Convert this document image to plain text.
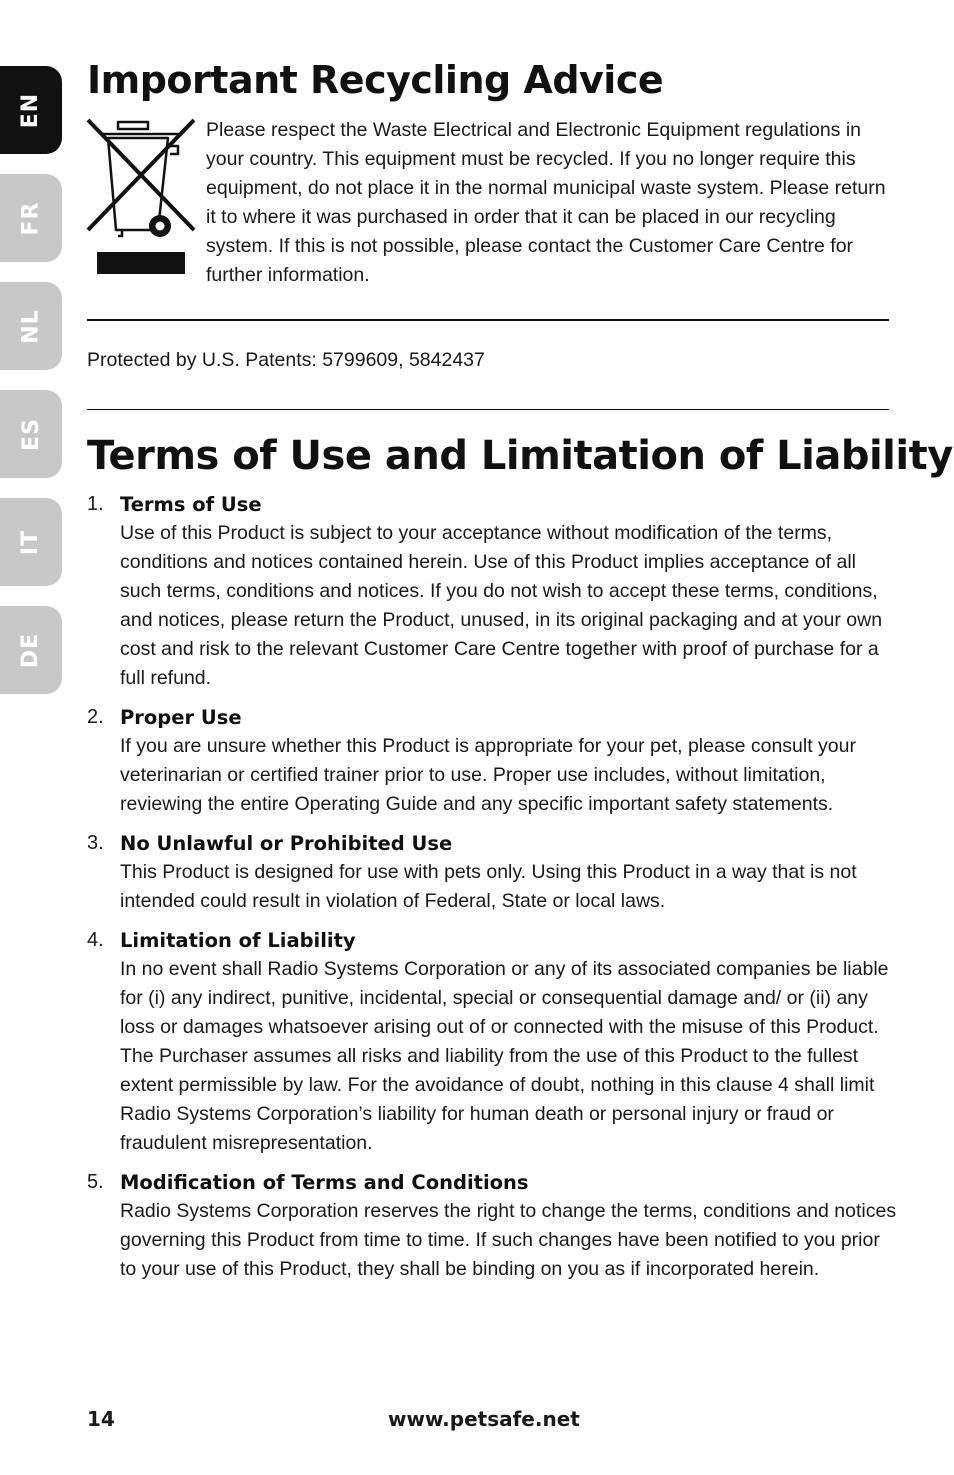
EN
FR
NL
ES
IT
DE
Important Recycling Advice

Please respect the Waste Electrical and Electronic Equipment regulations in your country. This equipment must be recycled. If you no longer require this equipment, do not place it in the normal municipal waste system. Please return it to where it was purchased in order that it can be placed in our recycling system. If this is not possible, please contact the Customer Care Centre for further information.

Protected by U.S. Patents: 5799609, 5842437

Terms of Use and Limitation of Liability
1. Terms of Use

Use of this Product is subject to your acceptance without modification of the terms, conditions and notices contained herein. Use of this Product implies acceptance of all such terms, conditions and notices. If you do not wish to accept these terms, conditions, and notices, please return the Product, unused, in its original packaging and at your own cost and risk to the relevant Customer Care Centre together with proof of purchase for a full refund.

2. Proper Use

If you are unsure whether this Product is appropriate for your pet, please consult your veterinarian or certified trainer prior to use. Proper use includes, without limitation, reviewing the entire Operating Guide and any specific important safety statements.

3. No Unlawful or Prohibited Use

This Product is designed for use with pets only. Using this Product in a way that is not intended could result in violation of Federal, State or local laws.

4. Limitation of Liability

In no event shall Radio Systems Corporation or any of its associated companies be liable for (i) any indirect, punitive, incidental, special or consequential damage and/ or (ii) any loss or damages whatsoever arising out of or connected with the misuse of this Product. The Purchaser assumes all risks and liability from the use of this Product to the fullest extent permissible by law. For the avoidance of doubt, nothing in this clause 4 shall limit Radio Systems Corporation’s liability for human death or personal injury or fraud or fraudulent misrepresentation.

5. Modification of Terms and Conditions

Radio Systems Corporation reserves the right to change the terms, conditions and notices governing this Product from time to time. If such changes have been notified to you prior to your use of this Product, they shall be binding on you as if incorporated herein.

14	www.petsafe.net
